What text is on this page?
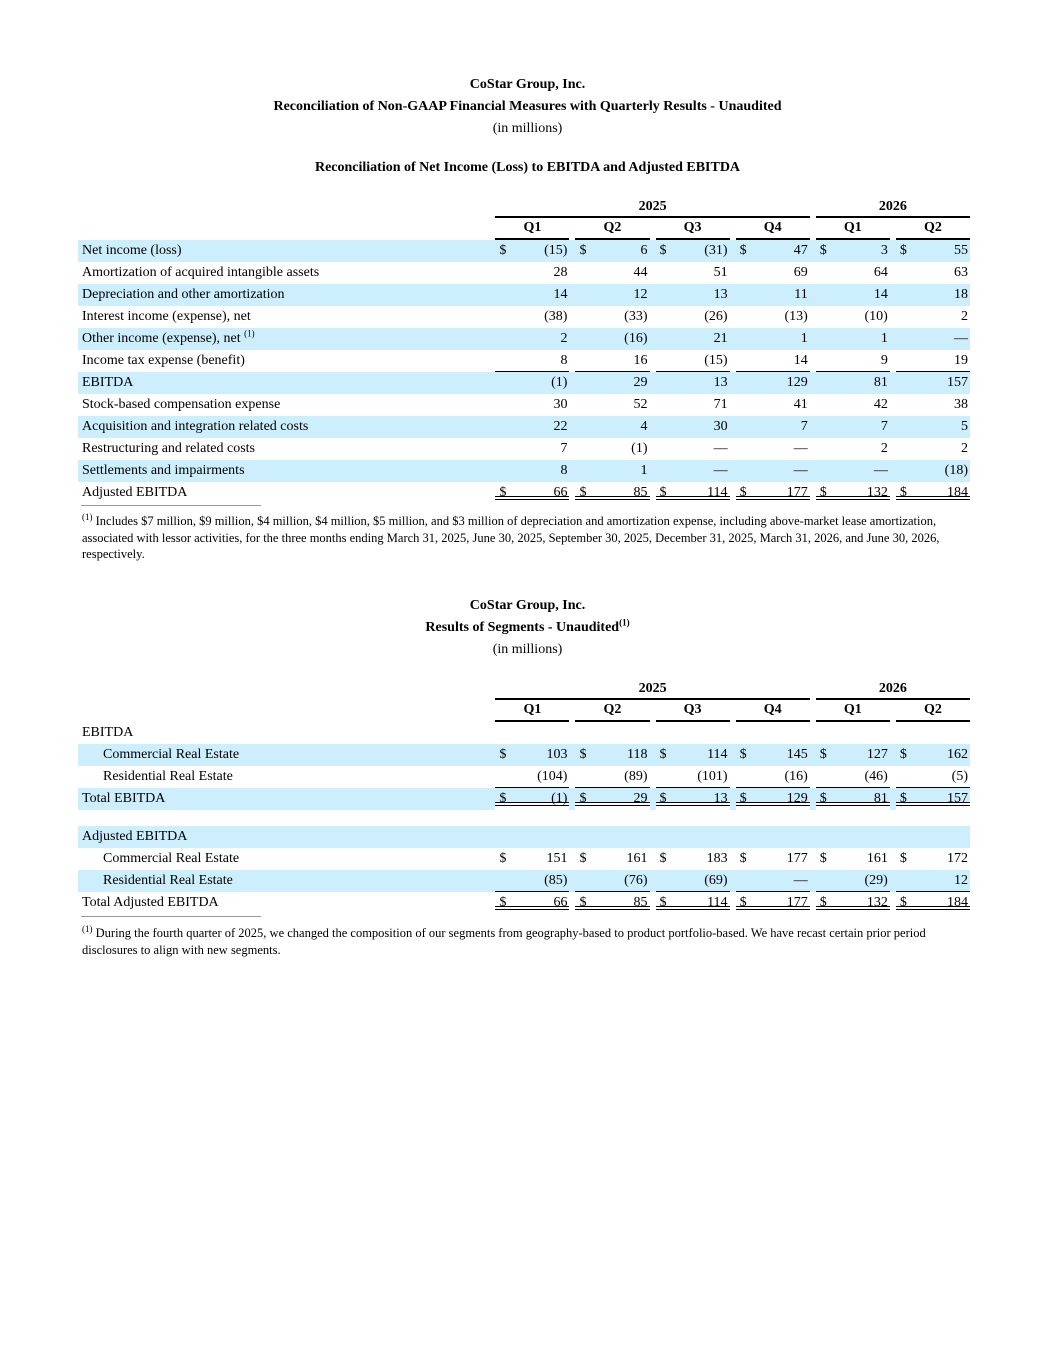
CoStar Group, Inc.
Reconciliation of Non-GAAP Financial Measures with Quarterly Results - Unaudited
(in millions)
Reconciliation of Net Income (Loss) to EBITDA and Adjusted EBITDA

	2025												2026				

	Q1			Q2			Q3			Q4			Q1			Q2	

Net income (loss)	$	(15)		$	6		$	(31)		$	47		$	3		$	55
Amortization of acquired intangible assets		28			44			51			69			64			63
Depreciation and other amortization		14			12			13			11			14			18
Interest income (expense), net		(38)			(33)			(26)			(13)			(10)			2
Other income (expense), net $^{(1)}$		2			(16)			21			1			1			—
Income tax expense (benefit)		8			16			(15)			14			9			19
EBITDA		(1)			29			13			129			81			157
Stock-based compensation expense		30			52			71			41			42			38
Acquisition and integration related costs		22			4			30			7			7			5
Restructuring and related costs		7			(1)			—			—			2			2
Settlements and impairments		8			1			—			—			—			(18)
Adjusted EBITDA	$	66		$	85		$	114		$	177		$	132		$	184
$^{(1)}$ Includes $7 million, $9 million, $4 million, $4 million, $5 million, and $3 million of depreciation and amortization expense, including above-market lease amortization, associated with lessor activities, for the three months ending March 31, 2025, June 30, 2025, September 30, 2025, December 31, 2025, March 31, 2026, and June 30, 2026, respectively.
CoStar Group, Inc.
Results of Segments - Unaudited$^{(1)}$
(in millions)

	2025												2026				

	Q1			Q2			Q3			Q4			Q1			Q2	

EBITDA																	
Commercial Real Estate	$	103		$	118		$	114		$	145		$	127		$	162
Residential Real Estate		(104)			(89)			(101)			(16)			(46)			(5)
Total EBITDA	$	(1)		$	29		$	13		$	129		$	81		$	157

Adjusted EBITDA																	
Commercial Real Estate	$	151		$	161		$	183		$	177		$	161		$	172
Residential Real Estate		(85)			(76)			(69)			—			(29)			12
Total Adjusted EBITDA	$	66		$	85		$	114		$	177		$	132		$	184
$^{(1)}$ During the fourth quarter of 2025, we changed the composition of our segments from geography-based to product portfolio-based. We have recast certain prior period disclosures to align with new segments.
